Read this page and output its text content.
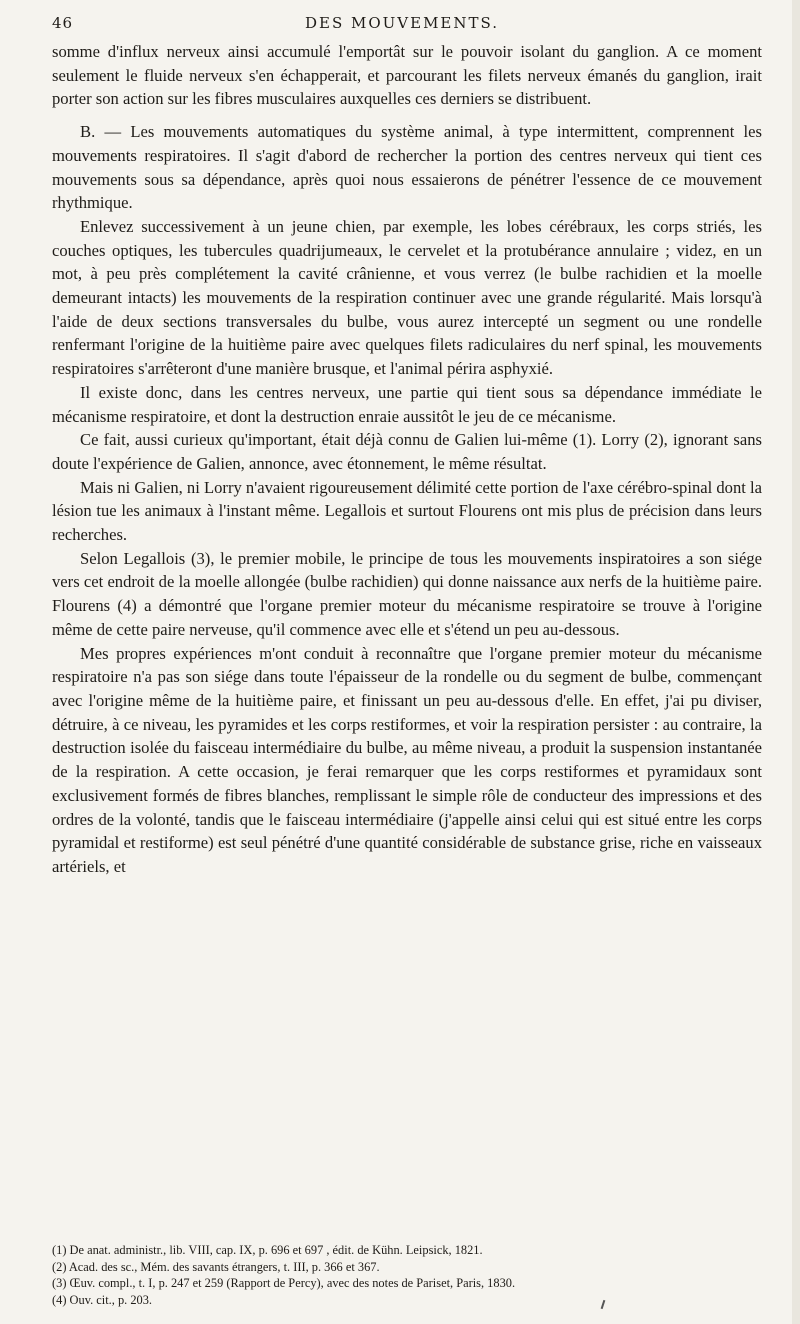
46	DES MOUVEMENTS.

somme d'influx nerveux ainsi accumulé l'emportât sur le pouvoir isolant du ganglion. A ce moment seulement le fluide nerveux s'en échapperait, et parcourant les filets nerveux émanés du ganglion, irait porter son action sur les fibres musculaires auxquelles ces derniers se distribuent.

B. — Les mouvements automatiques du système animal, à type intermittent, comprennent les mouvements respiratoires. Il s'agit d'abord de rechercher la portion des centres nerveux qui tient ces mouvements sous sa dépendance, après quoi nous essaierons de pénétrer l'essence de ce mouvement rhythmique.

Enlevez successivement à un jeune chien, par exemple, les lobes cérébraux, les corps striés, les couches optiques, les tubercules quadrijumeaux, le cervelet et la protubérance annulaire ; videz, en un mot, à peu près complétement la cavité crânienne, et vous verrez (le bulbe rachidien et la moelle demeurant intacts) les mouvements de la respiration continuer avec une grande régularité. Mais lorsqu'à l'aide de deux sections transversales du bulbe, vous aurez intercepté un segment ou une rondelle renfermant l'origine de la huitième paire avec quelques filets radiculaires du nerf spinal, les mouvements respiratoires s'arrêteront d'une manière brusque, et l'animal périra asphyxié.

Il existe donc, dans les centres nerveux, une partie qui tient sous sa dépendance immédiate le mécanisme respiratoire, et dont la destruction enraie aussitôt le jeu de ce mécanisme.

Ce fait, aussi curieux qu'important, était déjà connu de Galien lui-même (1). Lorry (2), ignorant sans doute l'expérience de Galien, annonce, avec étonnement, le même résultat.

Mais ni Galien, ni Lorry n'avaient rigoureusement délimité cette portion de l'axe cérébro-spinal dont la lésion tue les animaux à l'instant même. Legallois et surtout Flourens ont mis plus de précision dans leurs recherches.

Selon Legallois (3), le premier mobile, le principe de tous les mouvements inspiratoires a son siége vers cet endroit de la moelle allongée (bulbe rachidien) qui donne naissance aux nerfs de la huitième paire. Flourens (4) a démontré que l'organe premier moteur du mécanisme respiratoire se trouve à l'origine même de cette paire nerveuse, qu'il commence avec elle et s'étend un peu au-dessous.

Mes propres expériences m'ont conduit à reconnaître que l'organe premier moteur du mécanisme respiratoire n'a pas son siége dans toute l'épaisseur de la rondelle ou du segment de bulbe, commençant avec l'origine même de la huitième paire, et finissant un peu au-dessous d'elle. En effet, j'ai pu diviser, détruire, à ce niveau, les pyramides et les corps restiformes, et voir la respiration persister : au contraire, la destruction isolée du faisceau intermédiaire du bulbe, au même niveau, a produit la suspension instantanée de la respiration. A cette occasion, je ferai remarquer que les corps restiformes et pyramidaux sont exclusivement formés de fibres blanches, remplissant le simple rôle de conducteur des impressions et des ordres de la volonté, tandis que le faisceau intermédiaire (j'appelle ainsi celui qui est situé entre les corps pyramidal et restiforme) est seul pénétré d'une quantité considérable de substance grise, riche en vaisseaux artériels, et

(1) De anat. administr., lib. VIII, cap. IX, p. 696 et 697 , édit. de Kühn. Leipsick, 1821.
(2) Acad. des sc., Mém. des savants étrangers, t. III, p. 366 et 367.
(3) Œuv. compl., t. I, p. 247 et 259 (Rapport de Percy), avec des notes de Pariset, Paris, 1830.
(4) Ouv. cit., p. 203.
